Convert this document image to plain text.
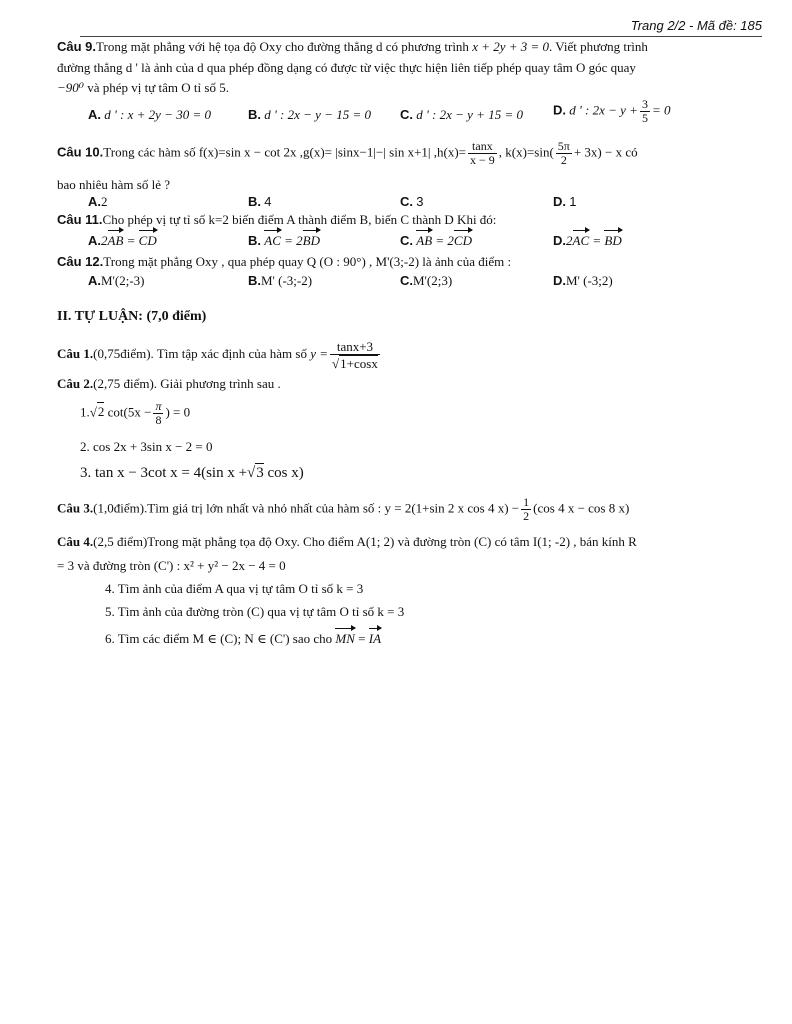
Trang 2/2 - Mã đề: 185
Câu 9.Trong mặt phẳng với hệ tọa độ Oxy cho đường thẳng d có phương trình x + 2y + 3 = 0. Viết phương trình
đường thẳng d ' là ảnh của d qua phép đồng dạng có được từ việc thực hiện liên tiếp phép quay tâm O góc quay
−90⁰ và phép vị tự tâm O tỉ số 5.
A. d ' : x + 2y − 30 = 0	B. d ' : 2x − y − 15 = 0 C. d ' : 2x − y + 15 = 0 D. d ' : $2x - y + \frac{3}{5} = 0$
Câu 10.Trong các hàm số f(x)=sin x − cot 2x ,g(x)= |sinx−1|−| sin x+1| $,h(x)= \frac{\tan x}{x - 9}$ , $k(x)=\sin( \frac{5\pi}{2} + 3x) - x$ có
bao nhiêu hàm số lẻ ?
A.2	B. 4	C. 3	D. 1
Câu 11.Cho phép vị tự tỉ số k=2 biến điểm A thành điểm B, biến C thành D Khi đó:
A.2AB = CD	B. AC = 2BD	C. AB = 2CD	D.2AC = BD
Câu 12.Trong mặt phẳng Oxy , qua phép quay Q (O : 90°) , M'(3;-2) là ảnh của điểm :
A.M'(2;-3)	B.M' (-3;-2)	C.M'(2;3)	D.M' (-3;2)
II. TỰ LUẬN: (7,0 điểm)
Câu 1.(0,75điểm). Tìm tập xác định của hàm số $y = \frac{\tan x+3}{√1+\cos x}$
Câu 2.(2,75 điểm). Giải phương trình sau .
1.√2 $\cot(5x - \frac{\pi}{8}$ ) = 0
2. cos 2x + 3sin x − 2 = 0
3. tan x − 3cot x = 4(sin x +√3 cos x)
Câu 3.(1,0điểm).Tìm giá trị lớn nhất và nhỏ nhất của hàm số : y = 2(1+sin 2 x cos 4 $x) - \frac{1}{2} (\cos$ 4 x − cos 8 x)
Câu 4.(2,5 điểm)Trong mặt phẳng tọa độ Oxy. Cho điểm A(1; 2) và đường tròn (C) có tâm I(1; -2) , bán kính R
= 3 và đường tròn (C') : x² + y² − 2x − 4 = 0
4. Tìm ảnh của điểm A qua vị tự tâm O tỉ số k = 3
5. Tìm ảnh của đường tròn (C) qua vị tự tâm O tỉ số k = 3
6. Tìm các điểm M ∈ (C); N ∈ (C') sao cho MN = IA
